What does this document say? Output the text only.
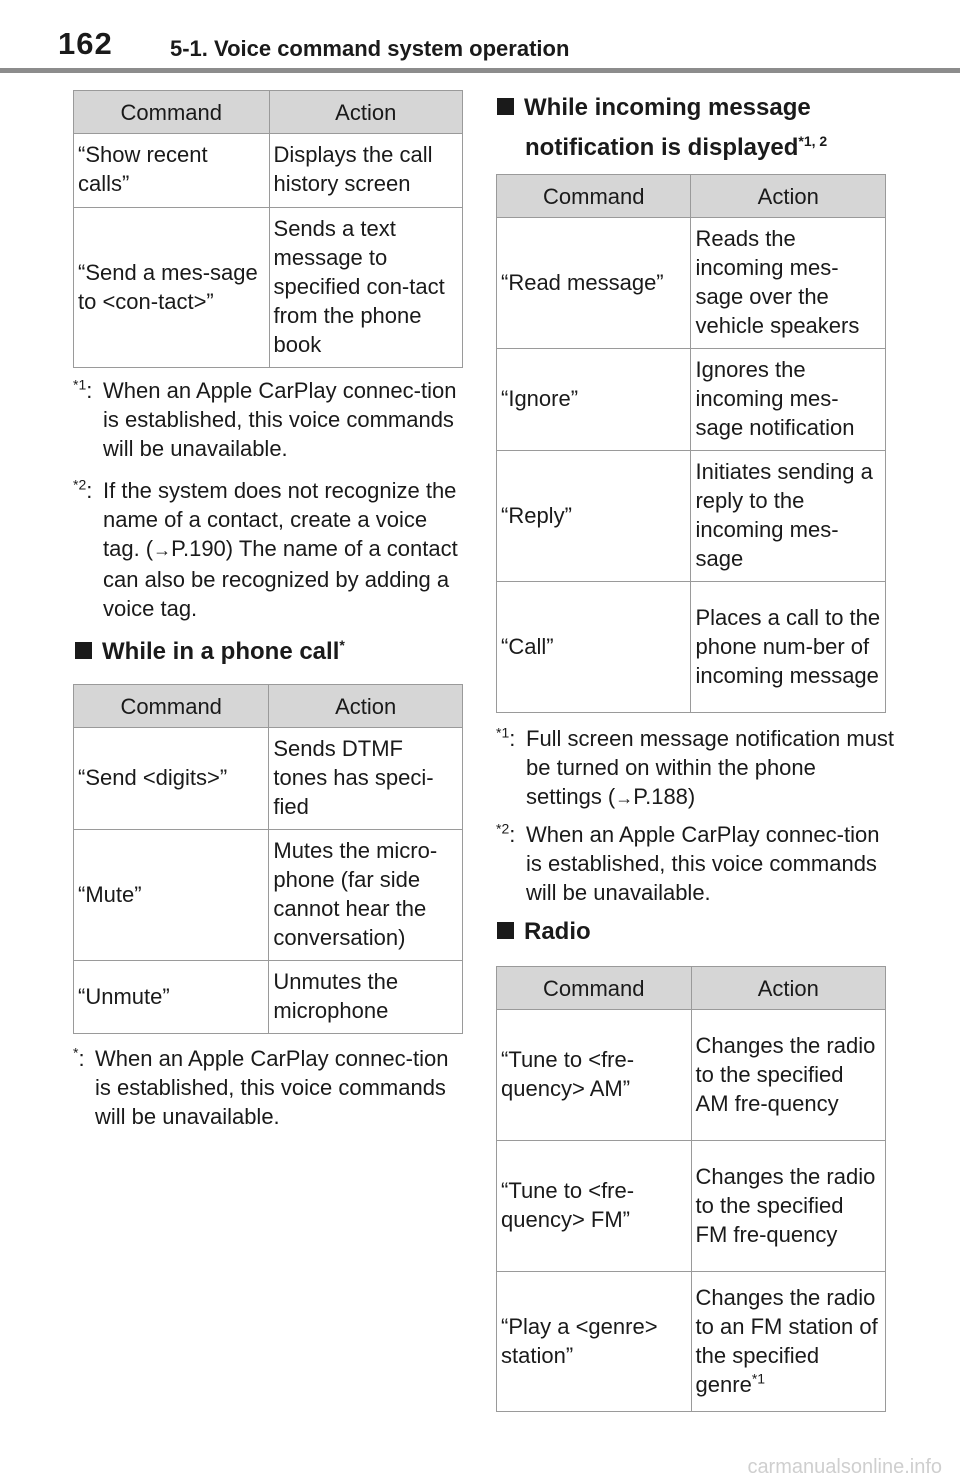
162	5-1. Voice command system operation
Command	Action
“Show recent calls”	Displays the call history screen
“Send a mes-sage to <con-tact>”	Sends a text message to specified con-tact from the phone book
$^{*1}$: When an Apple CarPlay connec-tion is established, this voice commands will be unavailable.
$^{*2}$: If the system does not recognize the name of a contact, create a voice tag. (→P.190) The name of a contact can also be recognized by adding a voice tag.
While in a phone call*
Command	Action
“Send <digits>”	Sends DTMF tones has speci-fied
“Mute”	Mutes the micro-phone (far side cannot hear the conversation)
“Unmute”	Unmutes the microphone
*: When an Apple CarPlay connec-tion is established, this voice commands will be unavailable.
While incoming message
notification is displayed$^{*1, 2}$
Command	Action
“Read message”	Reads the incoming mes-sage over the vehicle speakers
“Ignore”	Ignores the incoming mes-sage notification
“Reply”	Initiates sending a reply to the incoming mes-sage
“Call”	Places a call to the phone num-ber of incoming message
$^{*1}$: Full screen message notification must be turned on within the phone settings (→P.188)
$^{*2}$: When an Apple CarPlay connec-tion is established, this voice commands will be unavailable.
Radio
Command	Action
“Tune to <fre-quency> AM”	Changes the radio to the specified AM fre-quency
“Tune to <fre-quency> FM”	Changes the radio to the specified FM fre-quency
“Play a <genre> station”	Changes the radio to an FM station of the specified genre$^{*1}$
carmanualsonline.info
